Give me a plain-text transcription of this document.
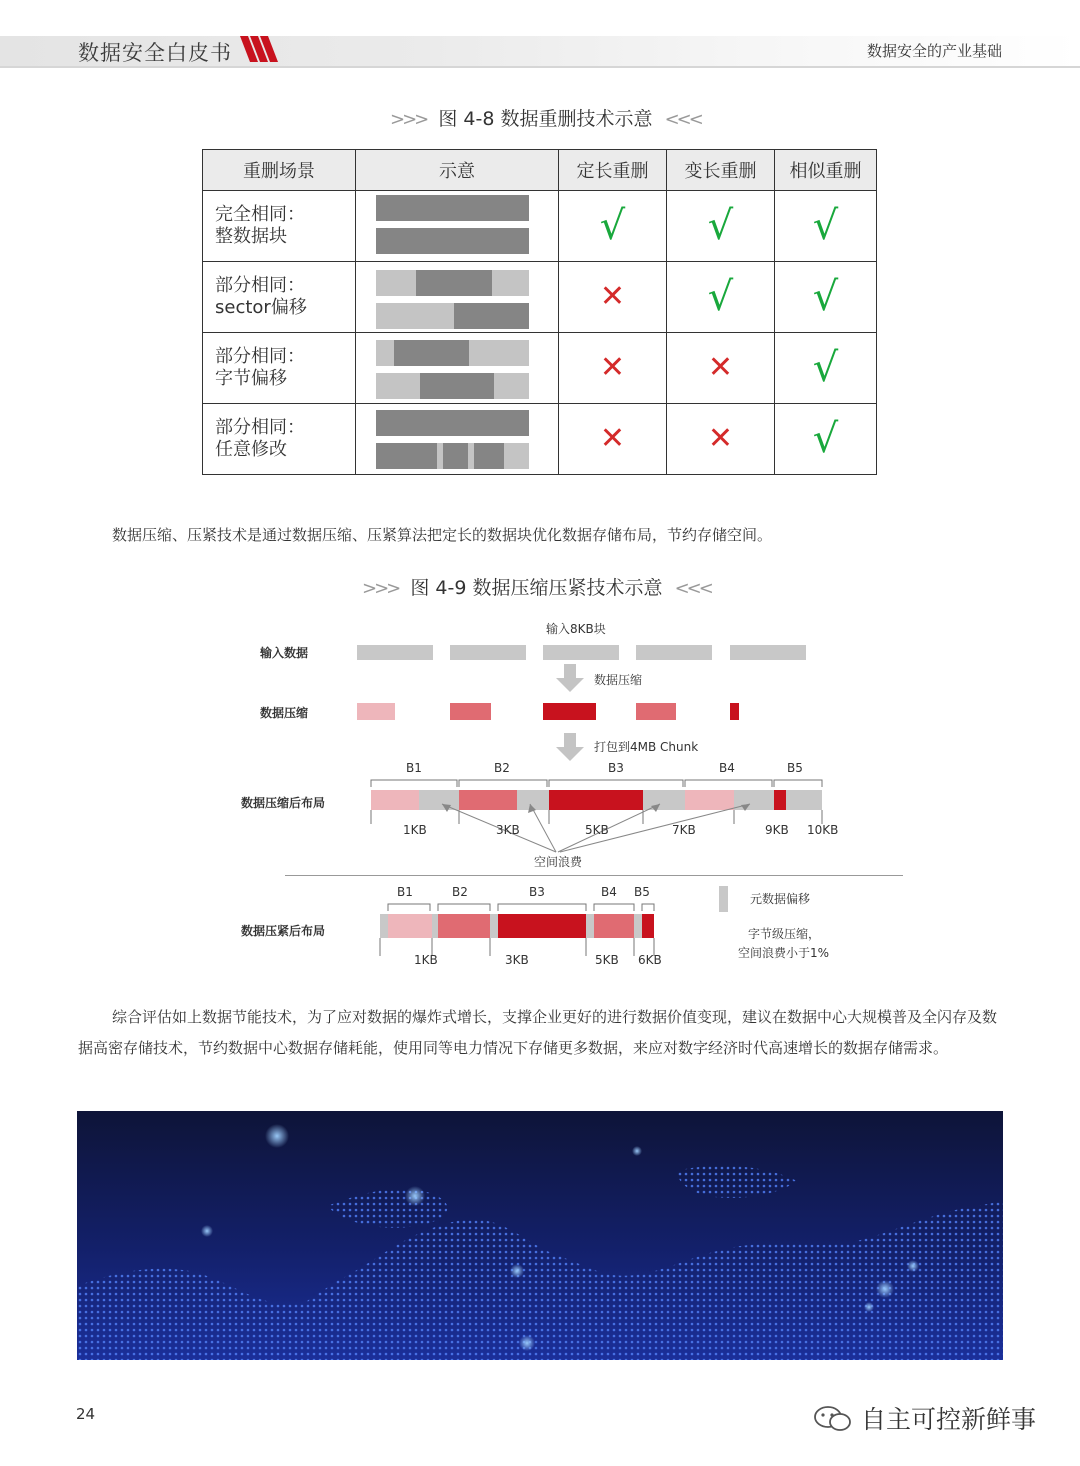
数据安全白皮书	数据安全的产业基础
>>> 图 4-8 数据重删技术示意 <<<
重删场景	示意	定长重删	变长重删	相似重删

完全相同：
整数据块		√	√	√

部分相同：
sector偏移		✕	√	√

部分相同：
字节偏移		✕	✕	√

部分相同：
任意修改		✕	✕	√
数据压缩、压紧技术是通过数据压缩、压紧算法把定长的数据块优化数据存储布局，节约存储空间。
>>> 图 4-9 数据压缩压紧技术示意 <<<
输入8KB块
输入数据
数据压缩
数据压缩
打包到4MB Chunk
B1	B2	B3	B4	B5
1KB	3KB	5KB	7KB	9KB 10KB
数据压缩后布局
空间浪费
B1	B2	B3	B4 B5
数据压紧后布局
1KB	3KB	5KB 6KB
元数据偏移
字节级压缩，
空间浪费小于1%
综合评估如上数据节能技术，为了应对数据的爆炸式增长，支撑企业更好的进行数据价值变现，建议在数据中心大规模普及全闪存及数据高密存储技术，节约数据中心数据存储耗能，使用同等电力情况下存储更多数据，来应对数字经济时代高速增长的数据存储需求。
24	自主可控新鲜事
